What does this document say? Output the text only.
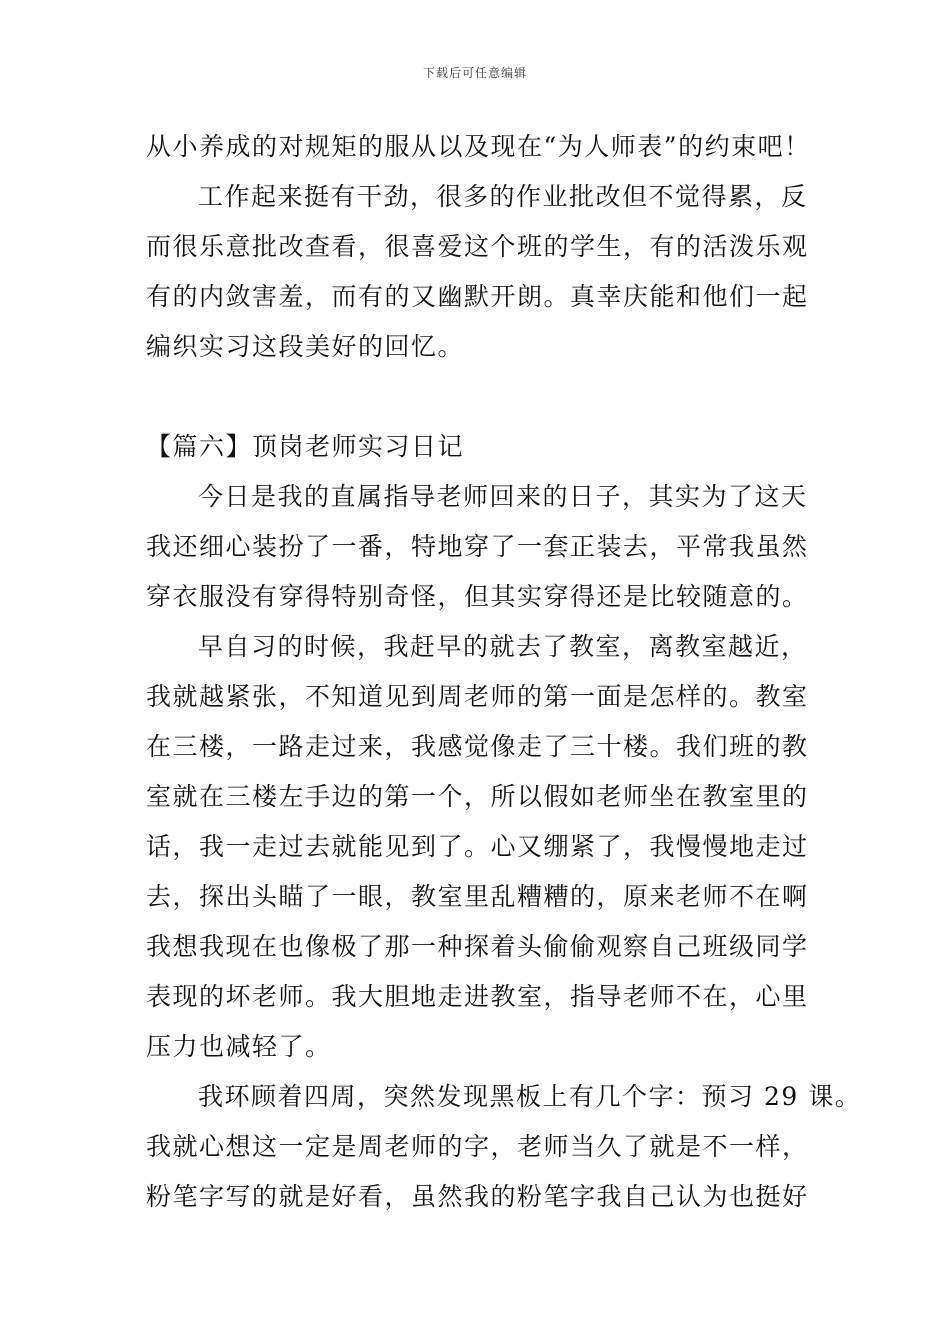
下载后可任意编辑
从小养成的对规矩的服从以及现在“为人师表”的约束吧！
工作起来挺有干劲，很多的作业批改但不觉得累，反
而很乐意批改查看，很喜爱这个班的学生，有的活泼乐观
有的内敛害羞，而有的又幽默开朗。真幸庆能和他们一起
编织实习这段美好的回忆。
【篇六】顶岗老师实习日记
今日是我的直属指导老师回来的日子，其实为了这天
我还细心装扮了一番，特地穿了一套正装去，平常我虽然
穿衣服没有穿得特别奇怪，但其实穿得还是比较随意的。
早自习的时候，我赶早的就去了教室，离教室越近，
我就越紧张，不知道见到周老师的第一面是怎样的。教室
在三楼，一路走过来，我感觉像走了三十楼。我们班的教
室就在三楼左手边的第一个，所以假如老师坐在教室里的
话，我一走过去就能见到了。心又绷紧了，我慢慢地走过
去，探出头瞄了一眼，教室里乱糟糟的，原来老师不在啊
我想我现在也像极了那一种探着头偷偷观察自己班级同学
表现的坏老师。我大胆地走进教室，指导老师不在，心里
压力也减轻了。
我环顾着四周，突然发现黑板上有几个字：预习 29 课。
我就心想这一定是周老师的字，老师当久了就是不一样，
粉笔字写的就是好看，虽然我的粉笔字我自己认为也挺好
